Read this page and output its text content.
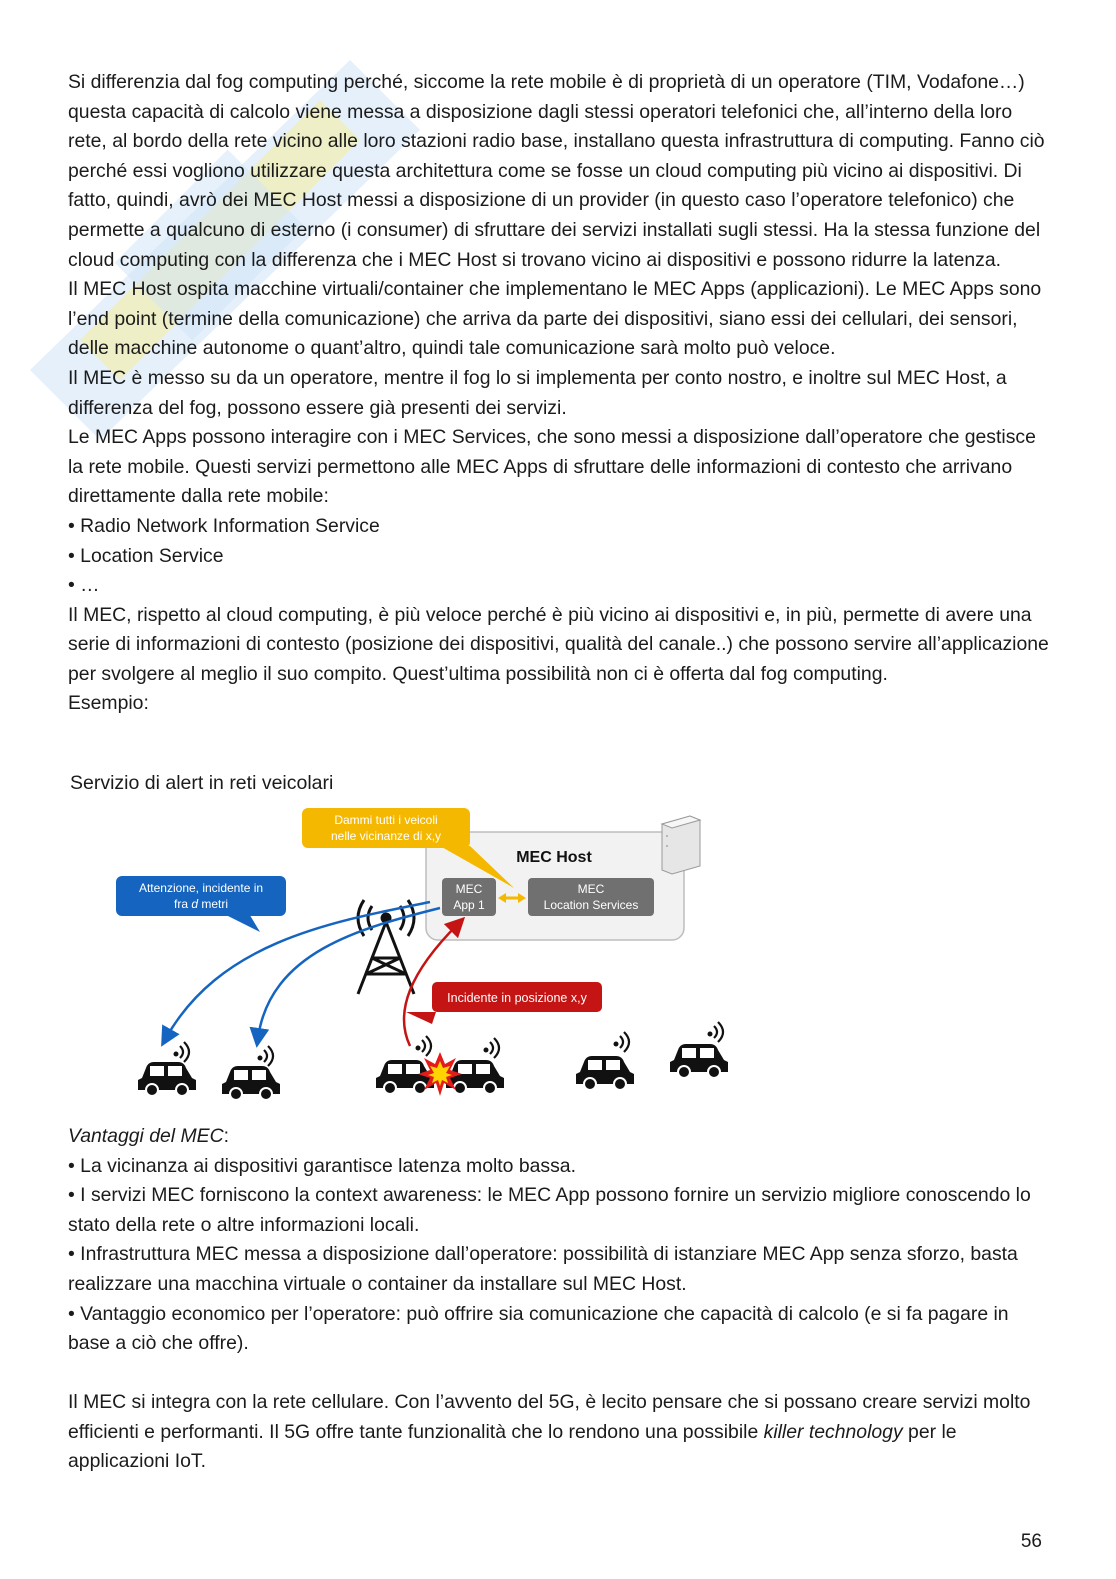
Si differenzia dal fog computing perché, siccome la rete mobile è di proprietà di un operatore (TIM, Vodafone…) questa capacità di calcolo viene messa a disposizione dagli stessi operatori telefonici che, all’interno della loro rete, al bordo della rete vicino alle loro stazioni radio base, installano questa infrastruttura di computing. Fanno ciò perché essi vogliono utilizzare questa architettura come se fosse un cloud computing più vicino ai dispositivi. Di fatto, quindi, avrò dei MEC Host messi a disposizione di un provider (in questo caso l’operatore telefonico) che permette a qualcuno di esterno (i consumer) di sfruttare dei servizi installati sugli stessi. Ha la stessa funzione del cloud computing con la differenza che i MEC Host si trovano vicino ai dispositivi e possono ridurre la latenza.

Il MEC Host ospita macchine virtuali/container che implementano le MEC Apps (applicazioni). Le MEC Apps sono l’end point (termine della comunicazione) che arriva da parte dei dispositivi, siano essi dei cellulari, dei sensori, delle macchine autonome o quant’altro, quindi tale comunicazione sarà molto può veloce.

Il MEC è messo su da un operatore, mentre il fog lo si implementa per conto nostro, e inoltre sul MEC Host, a differenza del fog, possono essere già presenti dei servizi.

Le MEC Apps possono interagire con i MEC Services, che sono messi a disposizione dall’operatore che gestisce la rete mobile. Questi servizi permettono alle MEC Apps di sfruttare delle informazioni di contesto che arrivano direttamente dalla rete mobile:

• Radio Network Information Service

• Location Service

• …

Il MEC, rispetto al cloud computing, è più veloce perché è più vicino ai dispositivi e, in più, permette di avere una serie di informazioni di contesto (posizione dei dispositivi, qualità del canale..) che possono servire all’applicazione per svolgere al meglio il suo compito. Quest’ultima possibilità non ci è offerta dal fog computing.

Esempio:

Servizio di alert in reti veicolari
MEC Host
MEC
App 1
MEC
Location Services
Dammi tutti i veicoli
nelle vicinanze di x,y
Attenzione, incidente in
fra d metri
Incidente in posizione x,y

Vantaggi del MEC:

• La vicinanza ai dispositivi garantisce latenza molto bassa.

• I servizi MEC forniscono la context awareness: le MEC App possono fornire un servizio migliore conoscendo lo stato della rete o altre informazioni locali.

• Infrastruttura MEC messa a disposizione dall’operatore: possibilità di istanziare MEC App senza sforzo, basta realizzare una macchina virtuale o container da installare sul MEC Host.

• Vantaggio economico per l’operatore: può offrire sia comunicazione che capacità di calcolo (e si fa pagare in base a ciò che offre).

Il MEC si integra con la rete cellulare. Con l’avvento del 5G, è lecito pensare che si possano creare servizi molto efficienti e performanti. Il 5G offre tante funzionalità che lo rendono una possibile killer technology per le applicazioni IoT.

56
